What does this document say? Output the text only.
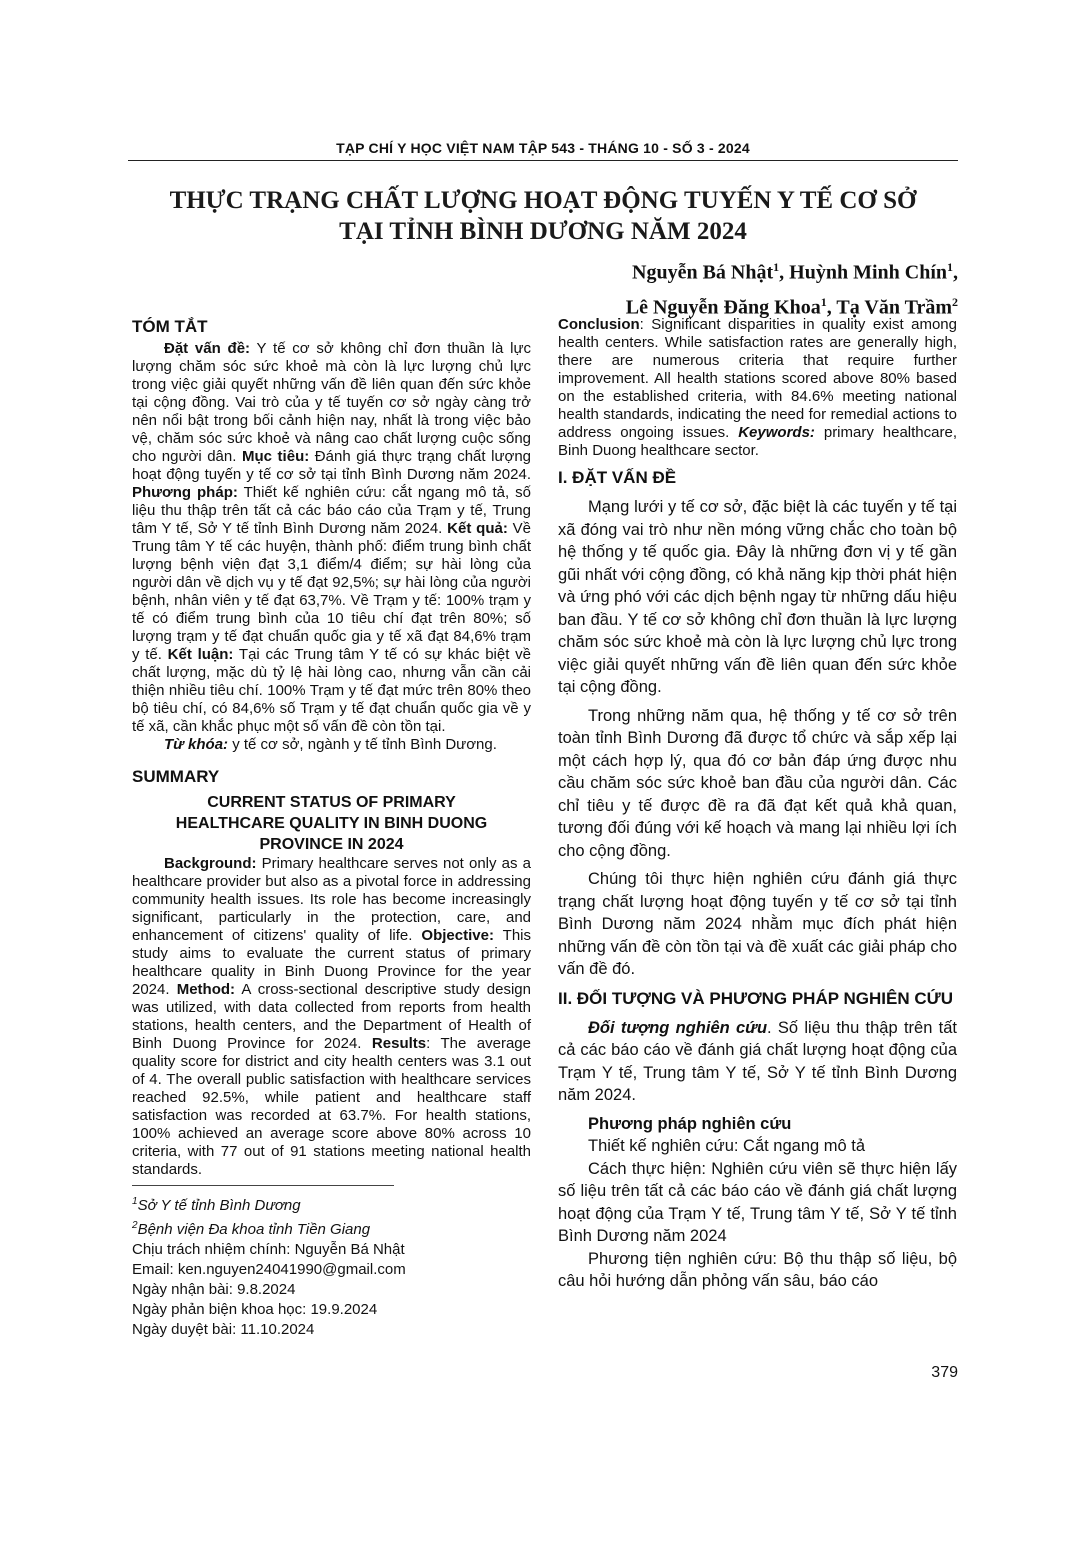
TẠP CHÍ Y HỌC VIỆT NAM TẬP 543 - THÁNG 10 - SỐ 3 - 2024
THỰC TRẠNG CHẤT LƯỢNG HOẠT ĐỘNG TUYẾN Y TẾ CƠ SỞ
TẠI TỈNH BÌNH DƯƠNG NĂM 2024
Nguyễn Bá Nhật$^1$, Huỳnh Minh Chín$^1$,
Lê Nguyễn Đăng Khoa$^1$, Tạ Văn Trầm$^2$
TÓM TẮT
Đặt vấn đề: Y tế cơ sở không chỉ đơn thuần là lực lượng chăm sóc sức khoẻ mà còn là lực lượng chủ lực trong việc giải quyết những vấn đề liên quan đến sức khỏe tại cộng đồng. Vai trò của y tế tuyến cơ sở ngày càng trở nên nổi bật trong bối cảnh hiện nay, nhất là trong việc bảo vệ, chăm sóc sức khoẻ và nâng cao chất lượng cuộc sống cho người dân. Mục tiêu: Đánh giá thực trạng chất lượng hoạt động tuyến y tế cơ sở tại tỉnh Bình Dương năm 2024. Phương pháp: Thiết kế nghiên cứu: cắt ngang mô tả, số liệu thu thập trên tất cả các báo cáo của Trạm y tế, Trung tâm Y tế, Sở Y tế tỉnh Bình Dương năm 2024. Kết quả: Về Trung tâm Y tế các huyện, thành phố: điểm trung bình chất lượng bệnh viện đạt 3,1 điểm/4 điểm; sự hài lòng của người dân về dịch vụ y tế đạt 92,5%; sự hài lòng của người bệnh, nhân viên y tế đạt 63,7%. Về Trạm y tế: 100% trạm y tế có điểm trung bình của 10 tiêu chí đạt trên 80%; số lượng trạm y tế đạt chuẩn quốc gia y tế xã đạt 84,6% trạm y tế. Kết luận: Tại các Trung tâm Y tế có sự khác biệt về chất lượng, mặc dù tỷ lệ hài lòng cao, nhưng vẫn cần cải thiện nhiều tiêu chí. 100% Trạm y tế đạt mức trên 80% theo bộ tiêu chí, có 84,6% số Trạm y tế đạt chuẩn quốc gia về y tế xã, cần khắc phục một số vấn đề còn tồn tại.
Từ khóa: y tế cơ sở, ngành y tế tỉnh Bình Dương.
SUMMARY
CURRENT STATUS OF PRIMARY
HEALTHCARE QUALITY IN BINH DUONG
PROVINCE IN 2024
Background: Primary healthcare serves not only as a healthcare provider but also as a pivotal force in addressing community health issues. Its role has become increasingly significant, particularly in the protection, care, and enhancement of citizens' quality of life. Objective: This study aims to evaluate the current status of primary healthcare quality in Binh Duong Province for the year 2024. Method: A cross-sectional descriptive study design was utilized, with data collected from reports from health stations, health centers, and the Department of Health of Binh Duong Province for 2024. Results: The average quality score for district and city health centers was 3.1 out of 4. The overall public satisfaction with healthcare services reached 92.5%, while patient and healthcare staff satisfaction was recorded at 63.7%. For health stations, 100% achieved an average score above 80% across 10 criteria, with 77 out of 91 stations meeting national health standards.
Conclusion: Significant disparities in quality exist among health centers. While satisfaction rates are generally high, there are numerous criteria that require further improvement. All health stations scored above 80% based on the established criteria, with 84.6% meeting national health standards, indicating the need for remedial actions to address ongoing issues. Keywords: primary healthcare, Binh Duong healthcare sector.
I. ĐẶT VẤN ĐỀ

Mạng lưới y tế cơ sở, đặc biệt là các tuyến y tế tại xã đóng vai trò như nền móng vững chắc cho toàn bộ hệ thống y tế quốc gia. Đây là những đơn vị y tế gần gũi nhất với cộng đồng, có khả năng kịp thời phát hiện và ứng phó với các dịch bệnh ngay từ những dấu hiệu ban đầu. Y tế cơ sở không chỉ đơn thuần là lực lượng chăm sóc sức khoẻ mà còn là lực lượng chủ lực trong việc giải quyết những vấn đề liên quan đến sức khỏe tại cộng đồng.

Trong những năm qua, hệ thống y tế cơ sở trên toàn tỉnh Bình Dương đã được tổ chức và sắp xếp lại một cách hợp lý, qua đó cơ bản đáp ứng được nhu cầu chăm sóc sức khoẻ ban đầu của người dân. Các chỉ tiêu y tế được đề ra đã đạt kết quả khả quan, tương đối đúng với kế hoạch và mang lại nhiều lợi ích cho cộng đồng.

Chúng tôi thực hiện nghiên cứu đánh giá thực trạng chất lượng hoạt động tuyến y tế cơ sở tại tỉnh Bình Dương năm 2024 nhằm mục đích phát hiện những vấn đề còn tồn tại và đề xuất các giải pháp cho vấn đề đó.

II. ĐỐI TƯỢNG VÀ PHƯƠNG PHÁP NGHIÊN CỨU

Đối tượng nghiên cứu. Số liệu thu thập trên tất cả các báo cáo về đánh giá chất lượng hoạt động của Trạm Y tế, Trung tâm Y tế, Sở Y tế tỉnh Bình Dương năm 2024.

Phương pháp nghiên cứu

Thiết kế nghiên cứu: Cắt ngang mô tả

Cách thực hiện: Nghiên cứu viên sẽ thực hiện lấy số liệu trên tất cả các báo cáo về đánh giá chất lượng hoạt động của Trạm Y tế, Trung tâm Y tế, Sở Y tế tỉnh Bình Dương năm 2024

Phương tiện nghiên cứu: Bộ thu thập số liệu, bộ câu hỏi hướng dẫn phỏng vấn sâu, báo cáo

$^1$Sở Y tế tỉnh Bình Dương
$^2$Bệnh viện Đa khoa tỉnh Tiền Giang
Chịu trách nhiệm chính: Nguyễn Bá Nhật
Email: ken.nguyen24041990@gmail.com
Ngày nhận bài: 9.8.2024
Ngày phản biện khoa học: 19.9.2024
Ngày duyệt bài: 11.10.2024
379
